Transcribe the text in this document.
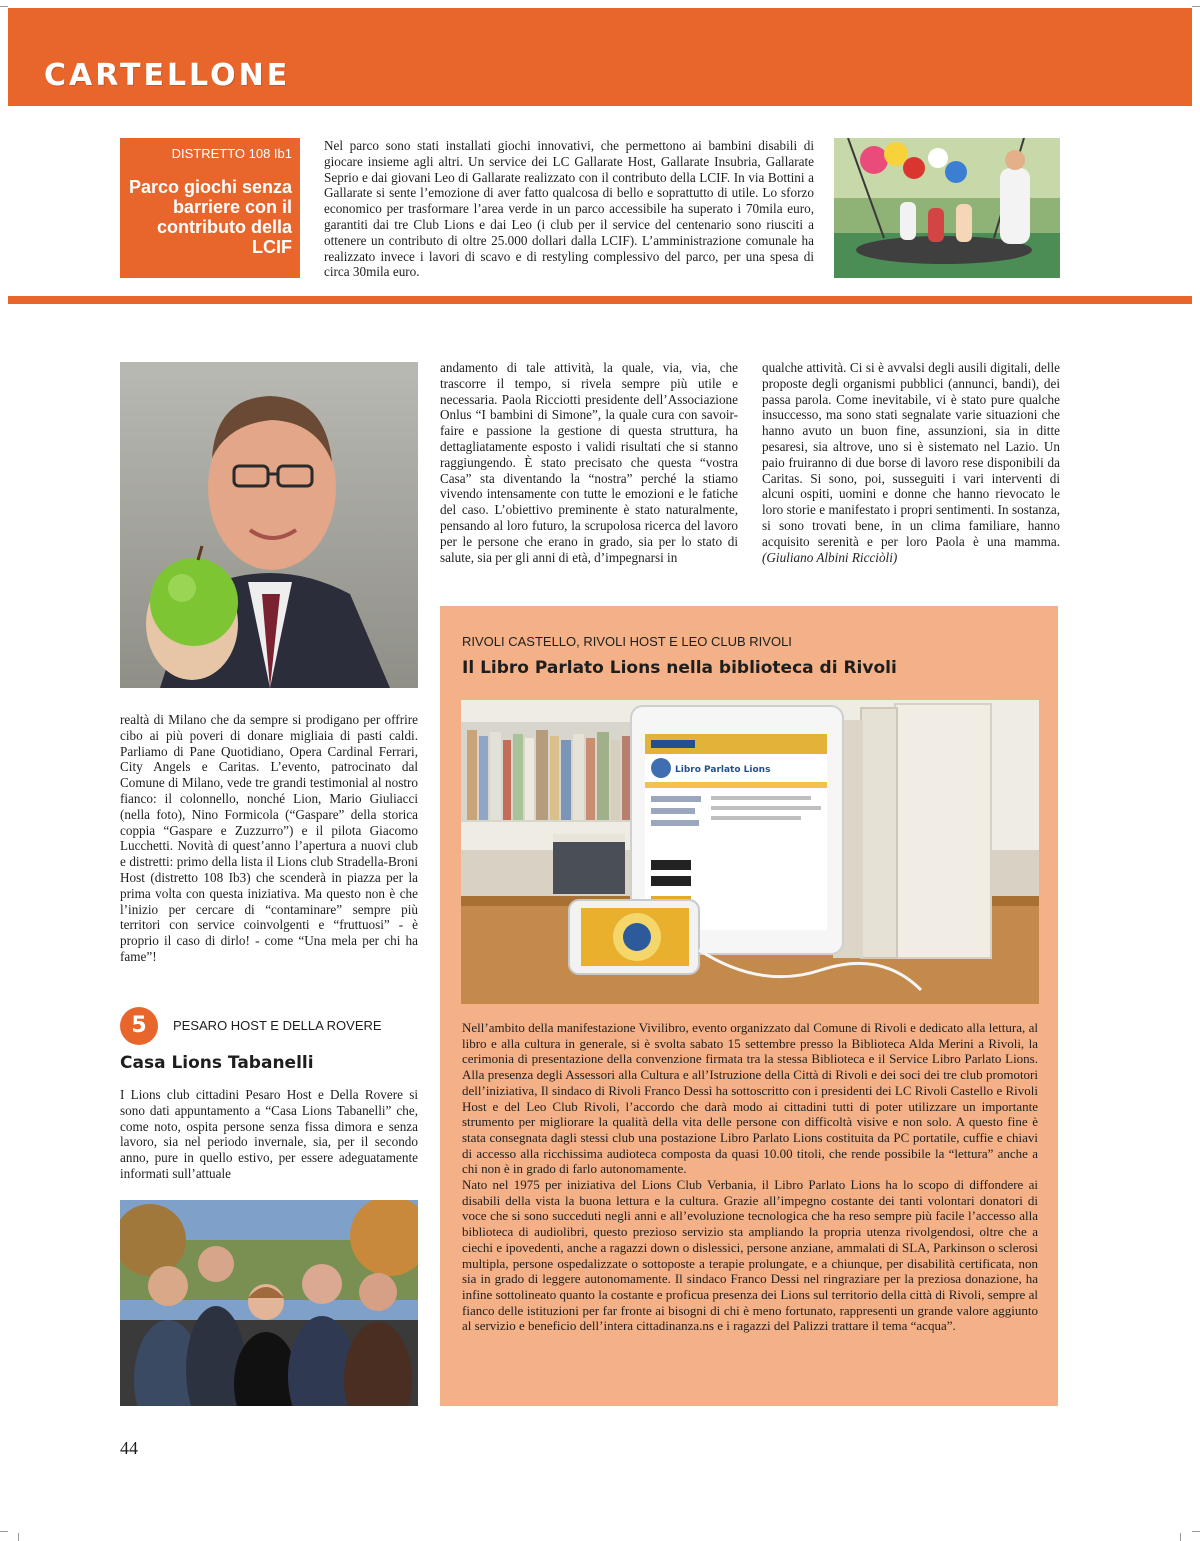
CARTELLONE
DISTRETTO 108 Ib1
Parco giochi senza barriere con il contributo della LCIF
Nel parco sono stati installati giochi innovativi, che permettono ai bambini disabili di giocare insieme agli altri. Un service dei LC Gallarate Host, Gallarate Insubria, Gallarate Seprio e dai giovani Leo di Gallarate realizzato con il contributo della LCIF. In via Bottini a Gallarate si sente l’emozione di aver fatto qualcosa di bello e soprattutto di utile. Lo sforzo economico per trasformare l’area verde in un parco accessibile ha superato i 70mila euro, garantiti dai tre Club Lions e dai Leo (i club per il service del centenario sono riusciti a ottenere un contributo di oltre 25.000 dollari dalla LCIF). L’amministrazione comunale ha realizzato invece i lavori di scavo e di restyling complessivo del parco, per una spesa di circa 30mila euro.
realtà di Milano che da sempre si prodigano per offrire cibo ai più poveri di donare migliaia di pasti caldi. Parliamo di Pane Quotidiano, Opera Cardinal Ferrari, City Angels e Caritas. L’evento, patrocinato dal Comune di Milano, vede tre grandi testimonial al nostro fianco: il colonnello, nonché Lion, Mario Giuliacci (nella foto), Nino Formicola (“Gaspare” della storica coppia “Gaspare e Zuzzurro”) e il pilota Giacomo Lucchetti. Novità di quest’anno l’apertura a nuovi club e distretti: primo della lista il Lions club Stradella-Broni Host (distretto 108 Ib3) che scenderà in piazza per la prima volta con questa iniziativa. Ma questo non è che l’inizio per cercare di “contaminare” sempre più territori con service coinvolgenti e “fruttuosi” - è proprio il caso di dirlo! - come “Una mela per chi ha fame”!
andamento di tale attività, la quale, via, via, che trascorre il tempo, si rivela sempre più utile e necessaria. Paola Ricciotti presidente dell’Associazione Onlus “I bambini di Simone”, la quale cura con savoir-faire e passione la gestione di questa struttura, ha dettagliatamente esposto i validi risultati che si stanno raggiungendo. È stato precisato che questa “vostra Casa” sta diventando la “nostra” perché la stiamo vivendo intensamente con tutte le emozioni e le fatiche del caso. L’obiettivo preminente è stato naturalmente, pensando al loro futuro, la scrupolosa ricerca del lavoro per le persone che erano in grado, sia per lo stato di salute, sia per gli anni di età, d’impegnarsi in
qualche attività. Ci si è avvalsi degli ausili digitali, delle proposte degli organismi pubblici (annunci, bandi), dei passa parola. Come inevitabile, vi è stato pure qualche insuccesso, ma sono stati segnalate varie situazioni che hanno avuto un buon fine, assunzioni, sia in ditte pesaresi, sia altrove, uno si è sistemato nel Lazio. Un paio fruiranno di due borse di lavoro rese disponibili da Caritas. Si sono, poi, susseguiti i vari interventi di alcuni ospiti, uomini e donne che hanno rievocato le loro storie e manifestato i propri sentimenti. In sostanza, si sono trovati bene, in un clima familiare, hanno acquisito serenità e per loro Paola è una mamma.(Giuliano Albini Ricciòli)
RIVOLI CASTELLO, RIVOLI HOST E LEO CLUB RIVOLI
Il Libro Parlato Lions nella biblioteca di Rivoli
Libro Parlato Lions
Nell’ambito della manifestazione Vivilibro, evento organizzato dal Comune di Rivoli e dedicato alla lettura, al libro e alla cultura in generale, si è svolta sabato 15 settembre presso la Biblioteca Alda Merini a Rivoli, la cerimonia di presentazione della convenzione firmata tra la stessa Biblioteca e il Service Libro Parlato Lions. Alla presenza degli Assessori alla Cultura e all’Istruzione della Città di Rivoli e dei soci dei tre club promotori dell’iniziativa, Il sindaco di Rivoli Franco Dessì ha sottoscritto con i presidenti dei LC Rivoli Castello e Rivoli Host e del Leo Club Rivoli, l’accordo che darà modo ai cittadini tutti di poter utilizzare un importante strumento per migliorare la qualità della vita delle persone con difficoltà visive e non solo. A questo fine è stata consegnata dagli stessi club una postazione Libro Parlato Lions costituita da PC portatile, cuffie e chiavi di accesso alla ricchissima audioteca composta da quasi 10.00 titoli, che rende possibile la “lettura” anche a chi non è in grado di farlo autonomamente.
Nato nel 1975 per iniziativa del Lions Club Verbania, il Libro Parlato Lions ha lo scopo di diffondere ai disabili della vista la buona lettura e la cultura. Grazie all’impegno costante dei tanti volontari donatori di voce che si sono succeduti negli anni e all’evoluzione tecnologica che ha reso sempre più facile l’accesso alla biblioteca di audiolibri, questo prezioso servizio sta ampliando la propria utenza rivolgendosi, oltre che a ciechi e ipovedenti, anche a ragazzi down o dislessici, persone anziane, ammalati di SLA, Parkinson o sclerosi multipla, persone ospedalizzate o sottoposte a terapie prolungate, e a chiunque, per disabilità certificata, non sia in grado di leggere autonomamente. Il sindaco Franco Dessi nel ringraziare per la preziosa donazione, ha infine sottolineato quanto la costante e proficua presenza dei Lions sul territorio della città di Rivoli, sempre al fianco delle istituzioni per far fronte ai bisogni di chi è meno fortunato, rappresenti un grande valore aggiunto al servizio e beneficio dell’intera cittadinanza.ns e i ragazzi del Palizzi trattare il tema “acqua”.
5	PESARO HOST E DELLA ROVERE
Casa Lions Tabanelli
I Lions club cittadini Pesaro Host e Della Rovere si sono dati appuntamento a “Casa Lions Tabanelli” che, come noto, ospita persone senza fissa dimora e senza lavoro, sia nel periodo invernale, sia, per il secondo anno, pure in quello estivo, per essere adeguatamente informati sull’attuale
44
